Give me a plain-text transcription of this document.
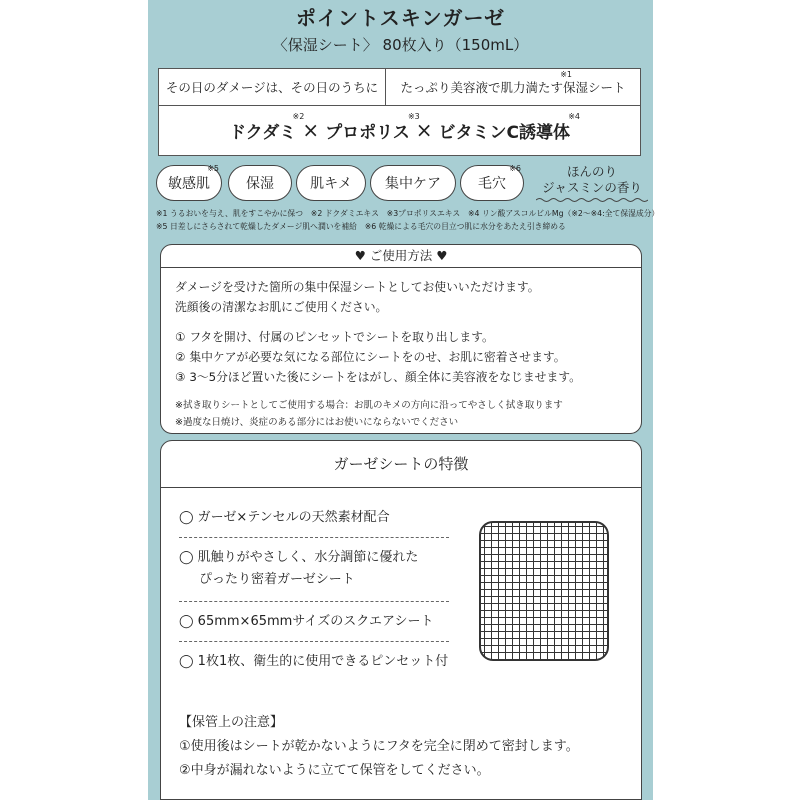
ポイントスキンガーゼ
〈保湿シート〉 80枚入り（150mL）
その日のダメージは、その日のうちに たっぷり美容液で肌力満たす保湿シート
※1
ドクダミ
※2
× プロポリス
※3
× ビタミンC誘導体
※4
敏感肌
※5
保湿	肌キメ 集中ケア	毛穴
※6	ほんのり
ジャスミンの香り
※1 うるおいを与え、肌をすこやかに保つ　※2 ドクダミエキス　※3プロポリスエキス　※4 リン酸アスコルビルMg（※2〜※4:全て保湿成分）
※5 日差しにさらされて乾燥したダメージ肌へ潤いを補給　※6 乾燥による毛穴の目立つ肌に水分をあたえ引き締める
♥ ご使用方法 ♥
ダメージを受けた箇所の集中保湿シートとしてお使いいただけます。
洗顔後の清潔なお肌にご使用ください。
① フタを開け、付属のピンセットでシートを取り出します。
② 集中ケアが必要な気になる部位にシートをのせ、お肌に密着させます。
③ 3〜5分ほど置いた後にシートをはがし、顔全体に美容液をなじませます。
※拭き取りシートとしてご使用する場合：お肌のキメの方向に沿ってやさしく拭き取ります
※過度な日焼け、炎症のある部分にはお使いにならないでください
ガーゼシートの特徴
◯ ガーゼ×テンセルの天然素材配合
◯ 肌触りがやさしく、水分調節に優れた
ぴったり密着ガーゼシート
◯ 65mm×65mmサイズのスクエアシート
◯ 1枚1枚、衛生的に使用できるピンセット付
【保管上の注意】
①使用後はシートが乾かないようにフタを完全に閉めて密封します。
②中身が漏れないように立てて保管をしてください。
